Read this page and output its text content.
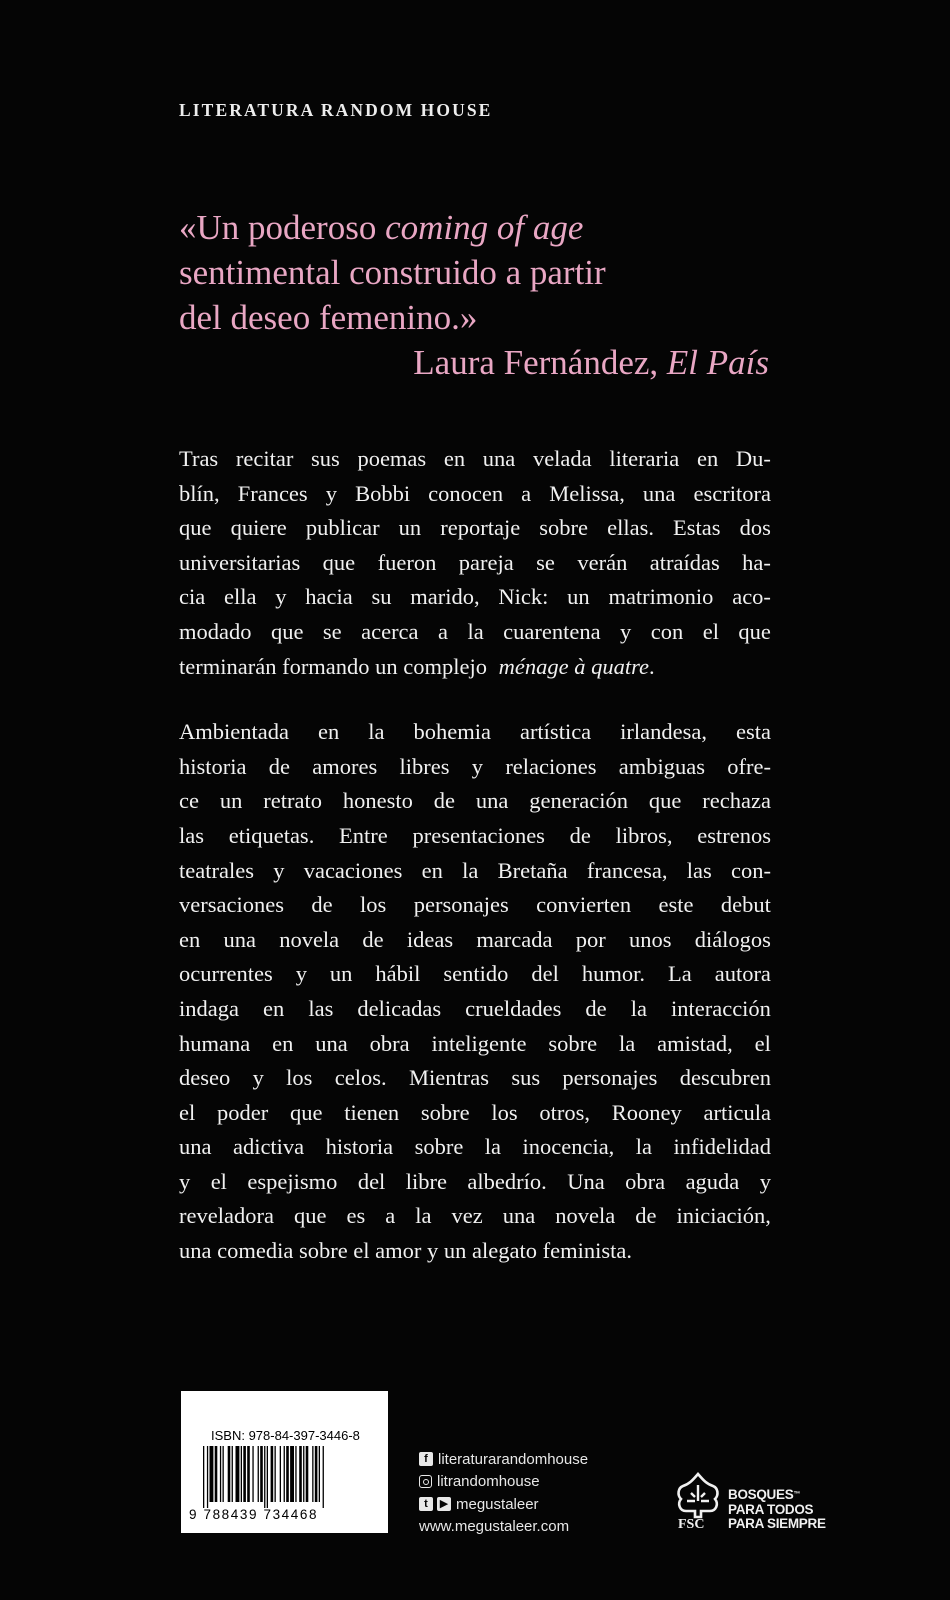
LITERATURA RANDOM HOUSE
«Un poderoso coming of age
sentimental construido a partir
del deseo femenino.»
Laura Fernández, El País

Tras recitar sus poemas en una velada literaria en Du-
blín, Frances y Bobbi conocen a Melissa, una escritora
que quiere publicar un reportaje sobre ellas. Estas dos
universitarias que fueron pareja se verán atraídas ha-
cia ella y hacia su marido, Nick: un matrimonio aco-
modado que se acerca a la cuarentena y con el que
terminarán formando un complejo ménage à quatre.

Ambientada en la bohemia artística irlandesa, esta
historia de amores libres y relaciones ambiguas ofre-
ce un retrato honesto de una generación que rechaza
las etiquetas. Entre presentaciones de libros, estrenos
teatrales y vacaciones en la Bretaña francesa, las con-
versaciones de los personajes convierten este debut
en una novela de ideas marcada por unos diálogos
ocurrentes y un hábil sentido del humor. La autora
indaga en las delicadas crueldades de la interacción
humana en una obra inteligente sobre la amistad, el
deseo y los celos. Mientras sus personajes descubren
el poder que tienen sobre los otros, Rooney articula
una adictiva historia sobre la inocencia, la infidelidad
y el espejismo del libre albedrío. Una obra aguda y
reveladora que es a la vez una novela de iniciación,
una comedia sobre el amor y un alegato feminista.

ISBN: 978-84-397-3446-8
9 788439 734468
f literaturarandomhouse
litrandomhouse
t	▶ megustaleer
www.megustaleer.com	FSC
BOSQUES™
PARA TODOS
PARA SIEMPRE
